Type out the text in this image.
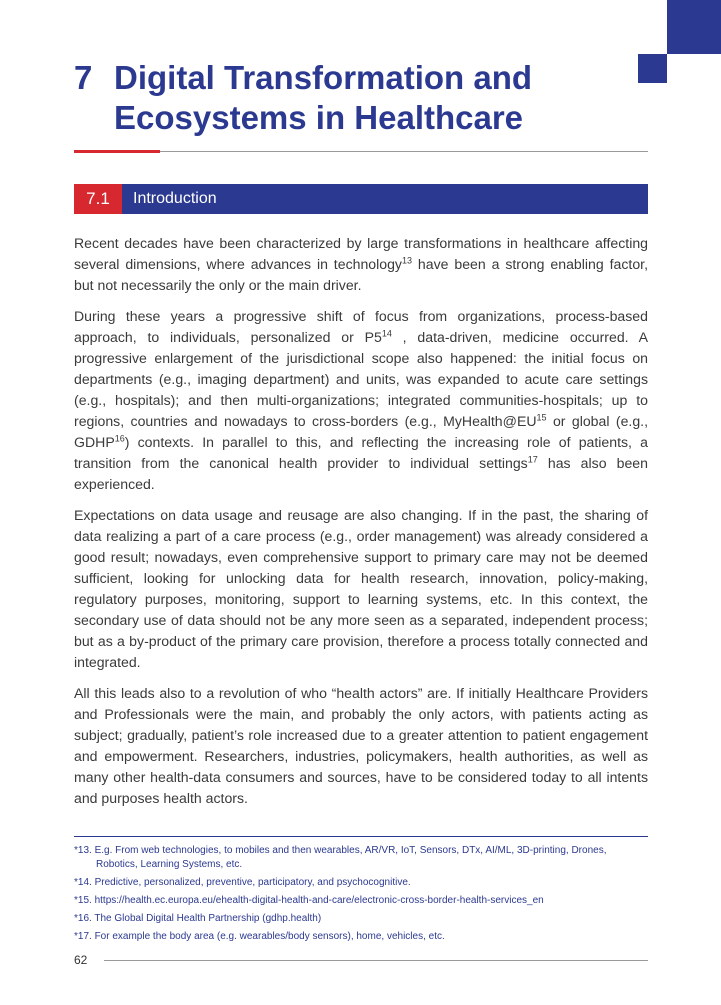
7 Digital Transformation and
Ecosystems in Healthcare
7.1	Introduction

Recent decades have been characterized by large transformations in healthcare affecting several dimensions, where advances in technology$^{13}$ have been a strong enabling factor, but not necessarily the only or the main driver.

During these years a progressive shift of focus from organizations, process-based approach, to individuals, personalized or $P5^{14}$ , data-driven, medicine occurred. A progressive enlargement of the jurisdictional scope also happened: the initial focus on departments (e.g., imaging department) and units, was expanded to acute care settings (e.g., hospitals); and then multi-organizations; integrated communities-hospitals; up to regions, countries and nowadays to cross-borders (e.g., MyHealth@EU$^{15}$ or global (e.g., GDHP$^{16}$) contexts. In parallel to this, and reflecting the increasing role of patients, a transition from the canonical health provider to individual settings$^{17}$ has also been experienced.

Expectations on data usage and reusage are also changing. If in the past, the sharing of data realizing a part of a care process (e.g., order management) was already considered a good result; nowadays, even comprehensive support to primary care may not be deemed sufficient, looking for unlocking data for health research, innovation, policy-making, regulatory purposes, monitoring, support to learning systems, etc. In this context, the secondary use of data should not be any more seen as a separated, independent process; but as a by-product of the primary care provision, therefore a process totally connected and integrated.

All this leads also to a revolution of who “health actors” are. If initially Healthcare Providers and Professionals were the main, and probably the only actors, with patients acting as subject; gradually, patient’s role increased due to a greater attention to patient engagement and empowerment. Researchers, industries, policymakers, health authorities, as well as many other health-data consumers and sources, have to be considered today to all intents and purposes health actors.

*13. E.g. From web technologies, to mobiles and then wearables, AR/VR, IoT, Sensors, DTx, AI/ML, 3D-printing, Drones, Robotics, Learning Systems, etc.
*14. Predictive, personalized, preventive, participatory, and psychocognitive.
*15. https://health.ec.europa.eu/ehealth-digital-health-and-care/electronic-cross-border-health-services_en
*16. The Global Digital Health Partnership (gdhp.health)
*17. For example the body area (e.g. wearables/body sensors), home, vehicles, etc.
62
